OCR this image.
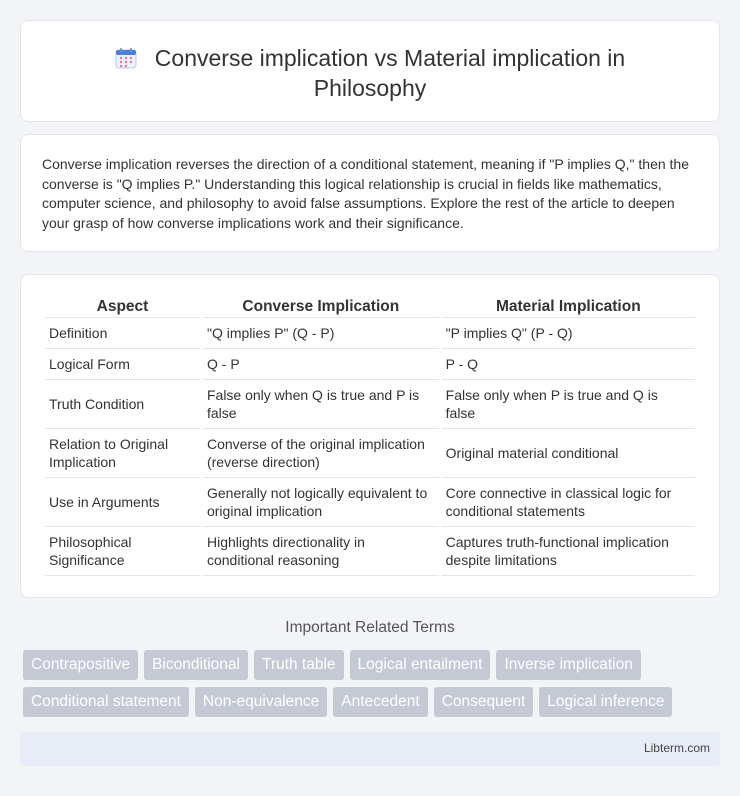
Converse implication vs Material implication in Philosophy

Converse implication reverses the direction of a conditional statement, meaning if "P implies Q," then the converse is "Q implies P." Understanding this logical relationship is crucial in fields like mathematics, computer science, and philosophy to avoid false assumptions. Explore the rest of the article to deepen your grasp of how converse implications work and their significance.

Aspect	Converse Implication	Material Implication
Definition	"Q implies P" (Q - P)	"P implies Q" (P - Q)
Logical Form	Q - P	P - Q
Truth Condition	False only when Q is true and P is false	False only when P is true and Q is false
Relation to Original Implication	Converse of the original implication (reverse direction)	Original material conditional
Use in Arguments	Generally not logically equivalent to original implication	Core connective in classical logic for conditional statements
Philosophical Significance	Highlights directionality in conditional reasoning	Captures truth-functional implication despite limitations
Important Related Terms
Contrapositive	Biconditional	Truth table	Logical entailment	Inverse implication
Conditional statement	Non-equivalence	Antecedent	Consequent	Logical inference
Libterm.com
